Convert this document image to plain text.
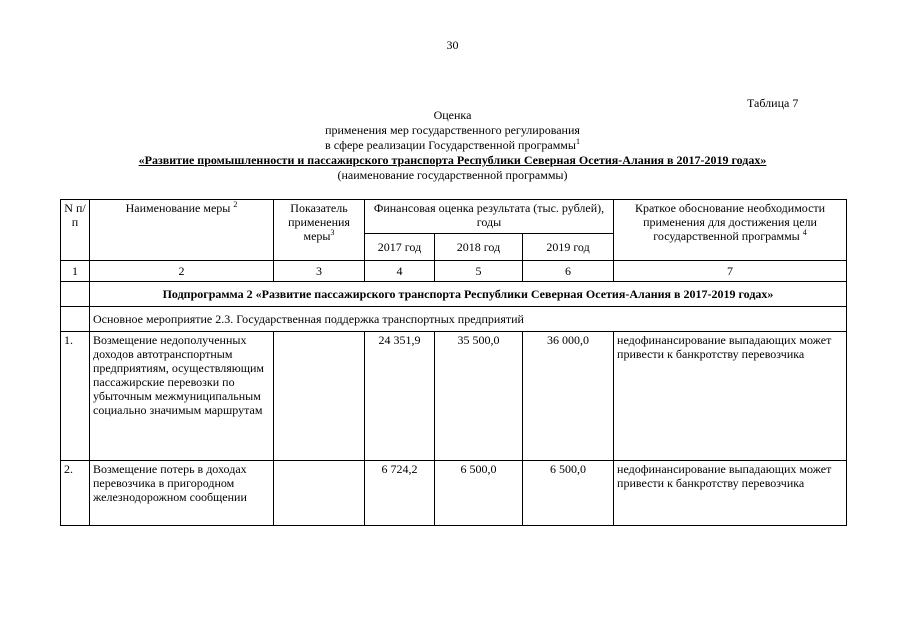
30
Таблица 7
Оценка
применения мер государственного регулирования
в сфере реализации Государственной программы$^1$
«Развитие промышленности и пассажирского транспорта Республики Северная Осетия-Алания в 2017-2019 годах»
(наименование государственной программы)
N п/п	Наименование меры $^2$	Показатель применения меры$^3$	Финансовая оценка результата (тыс. рублей), годы			Краткое обоснование необходимости применения для достижения цели государственной программы $^4$
			2017 год	2018 год	2019 год	
1	2	3	4	5	6	7
	Подпрограмма 2 «Развитие пассажирского транспорта Республики Северная Осетия-Алания в 2017-2019 годах»					
	Основное мероприятие 2.3. Государственная поддержка транспортных предприятий					
1.	Возмещение недополученных доходов автотранспортным предприятиям, осуществляющим пассажирские перевозки по убыточным межмуниципальным социально значимым маршрутам		24 351,9	35 500,0	36 000,0	недофинансирование выпадающих может привести к банкротству перевозчика
2.	Возмещение потерь в доходах перевозчика в пригородном железнодорожном сообщении		6 724,2	6 500,0	6 500,0	недофинансирование выпадающих может привести к банкротству перевозчика
